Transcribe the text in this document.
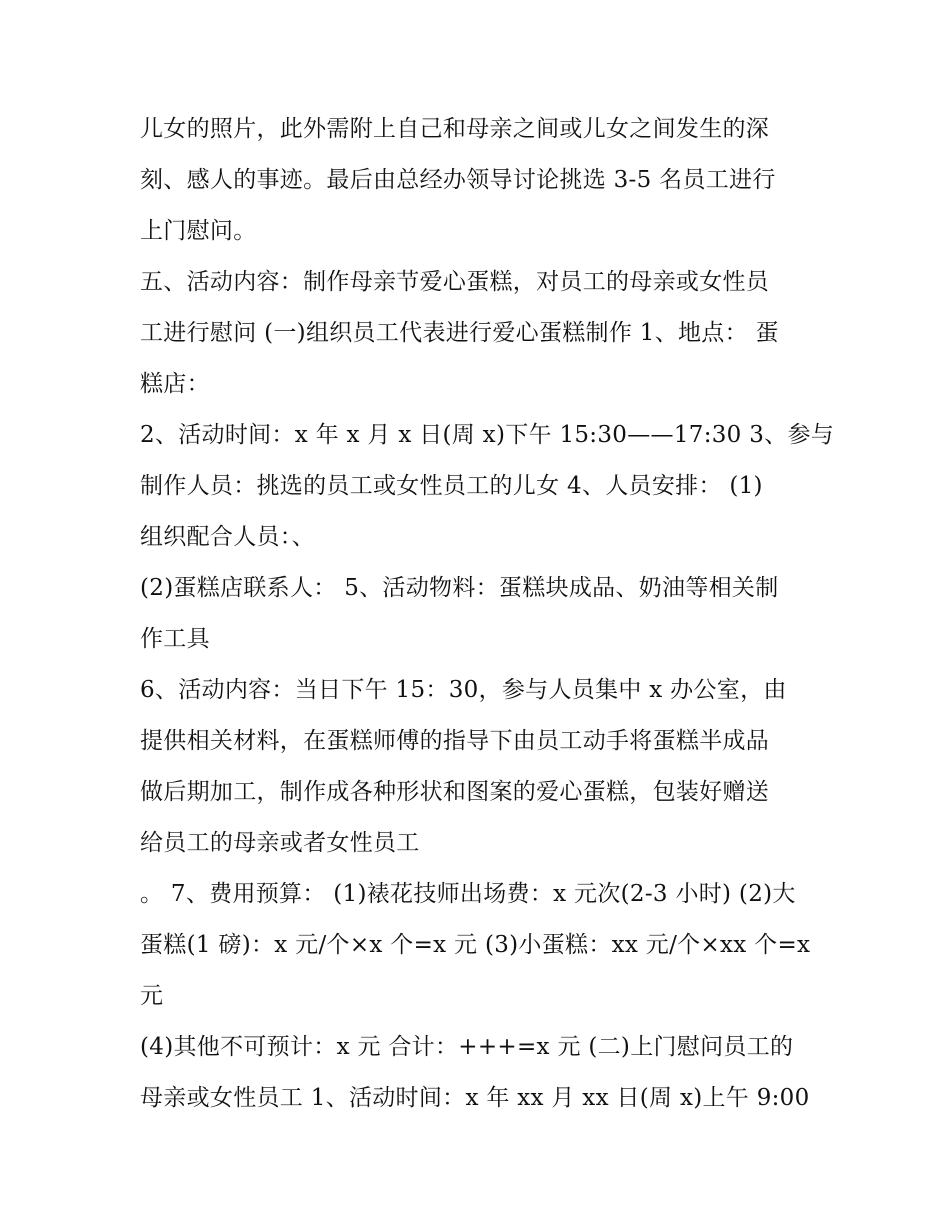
儿女的照片，此外需附上自己和母亲之间或儿女之间发生的深
刻、感人的事迹。最后由总经办领导讨论挑选 3-5 名员工进行
上门慰问。
五、活动内容：制作母亲节爱心蛋糕，对员工的母亲或女性员
工进行慰问 (一)组织员工代表进行爱心蛋糕制作 1、地点： 蛋
糕店：
2、活动时间：x 年 x 月 x 日(周 x)下午 15:30——17:30 3、参与
制作人员：挑选的员工或女性员工的儿女 4、人员安排： (1)
组织配合人员：、
(2)蛋糕店联系人： 5、活动物料：蛋糕块成品、奶油等相关制
作工具
6、活动内容：当日下午 15：30，参与人员集中 x 办公室，由
提供相关材料，在蛋糕师傅的指导下由员工动手将蛋糕半成品
做后期加工，制作成各种形状和图案的爱心蛋糕，包装好赠送
给员工的母亲或者女性员工
。 7、费用预算： (1)裱花技师出场费：x 元次(2-3 小时) (2)大
蛋糕(1 磅)：x 元/个×x 个=x 元 (3)小蛋糕：xx 元/个×xx 个=x
元
(4)其他不可预计：x 元 合计：+++=x 元 (二)上门慰问员工的
母亲或女性员工 1、活动时间：x 年 xx 月 xx 日(周 x)上午 9:00
